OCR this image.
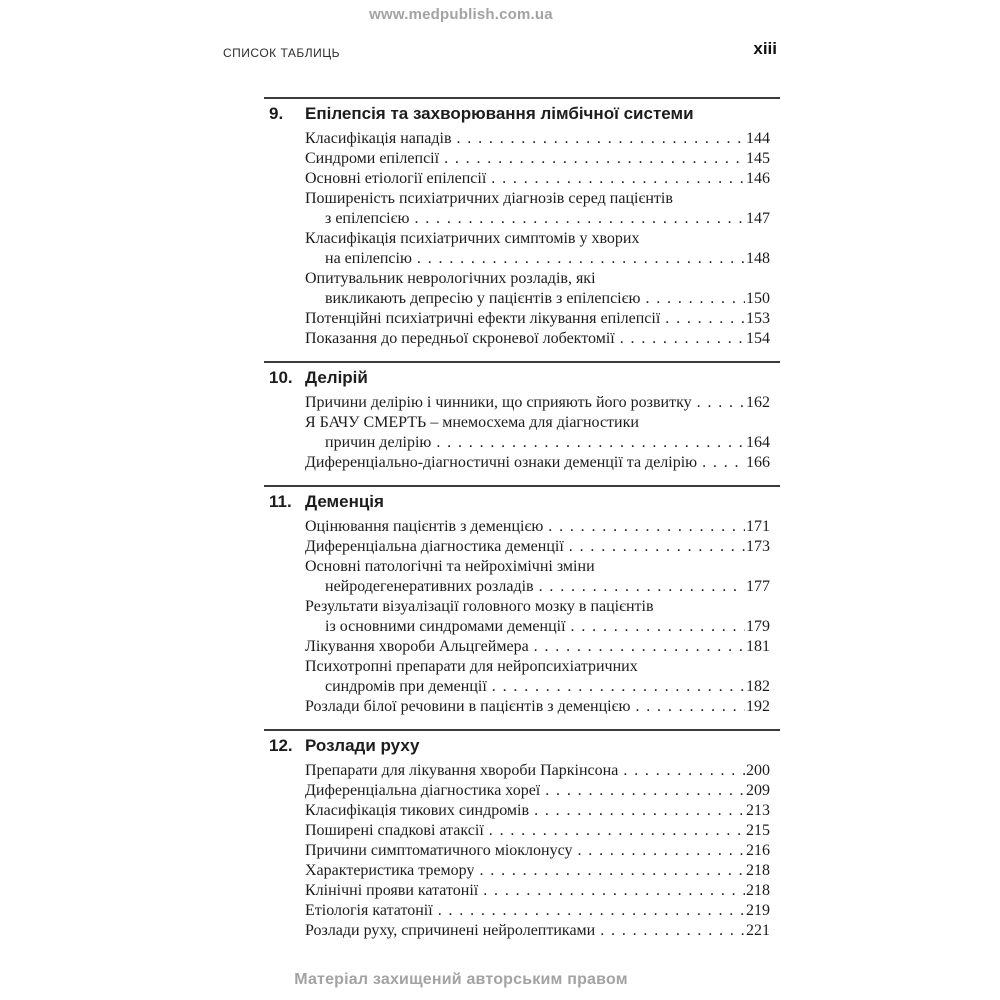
www.medpublish.com.ua
СПИСОК ТАБЛИЦЬ	xiii
9.	Епілепсія та захворювання лімбічної системи
Класифікація нападів . . .	144
Синдроми епілепсії . . .	145
Основні етіології епілепсії . . .	146
Поширеність психіатричних діагнозів серед пацієнтів
з епілепсією . . .	147
Класифікація психіатричних симптомів у хворих
на епілепсію . . .	148
Опитувальник неврологічних розладів, які
викликають депресію у пацієнтів з епілепсією . . .	150
Потенційні психіатричні ефекти лікування епілепсії . . .	153
Показання до передньої скроневої лобектомії . . .	154
10. Делірій
Причини делірію і чинники, що сприяють його розвитку . . .	162
Я БАЧУ СМЕРТЬ – мнемосхема для діагностики
причин делірію . . .	164
Диференціально-діагностичні ознаки деменції та делірію . . .	166
11. Деменція
Оцінювання пацієнтів з деменцією . . .	171
Диференціальна діагностика деменції . . .	173
Основні патологічні та нейрохімічні зміни
нейродегенеративних розладів . . .	177
Результати візуалізації головного мозку в пацієнтів
із основними синдромами деменції . . .	179
Лікування хвороби Альцгеймера . . .	181
Психотропні препарати для нейропсихіатричних
синдромів при деменції . . .	182
Розлади білої речовини в пацієнтів з деменцією . . .	192
12. Розлади руху
Препарати для лікування хвороби Паркінсона . . .	200
Диференціальна діагностика хореї . . .	209
Класифікація тикових синдромів . . .	213
Поширені спадкові атаксії . . .	215
Причини симптоматичного міоклонусу . . .	216
Характеристика тремору . . .	218
Клінічні прояви кататонії . . .	218
Етіологія кататонії . . .	219
Розлади руху, спричинені нейролептиками . . .	221
Матеріал захищений авторським правом
